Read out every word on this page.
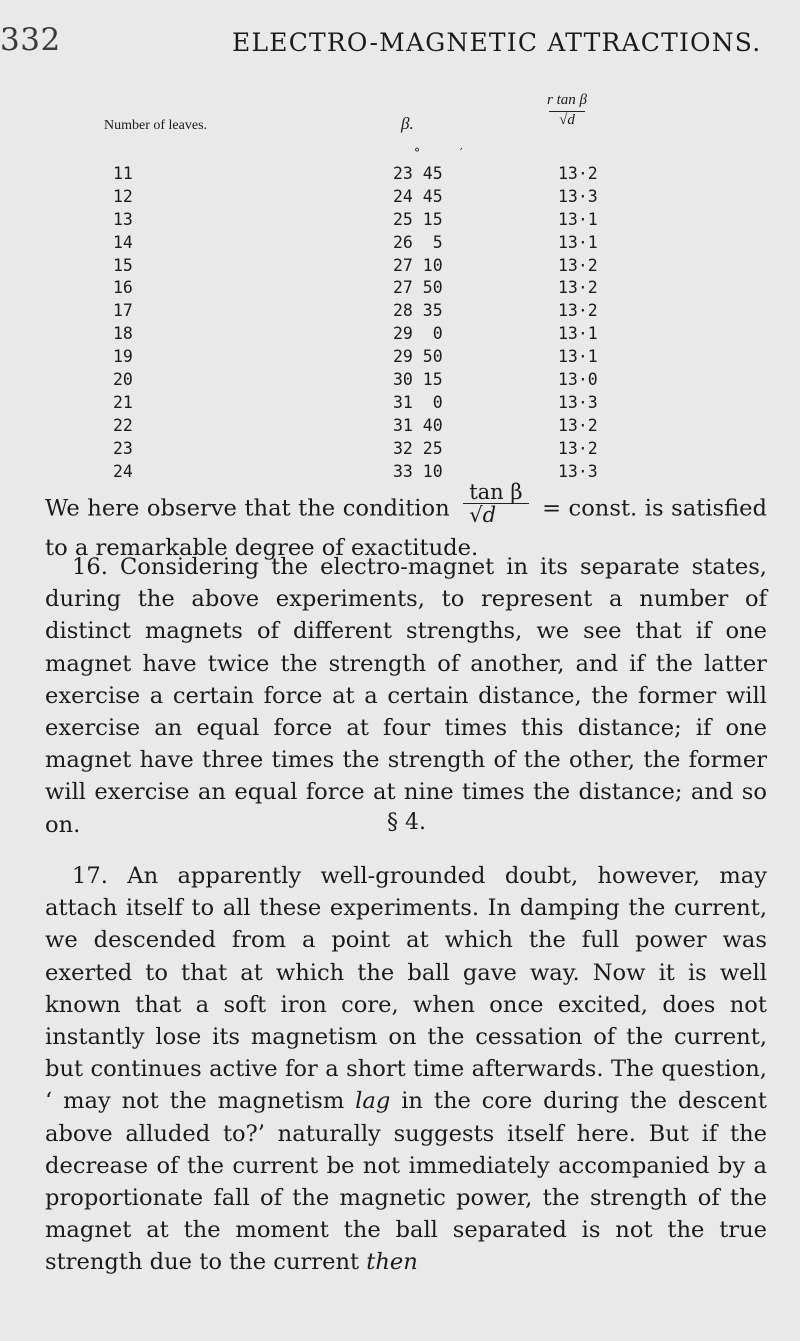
332	ELECTRO-MAGNETIC ATTRACTIONS.
Number of leaves.	β.	$\frac{\text{r tan β}}{√d}$
° ′
11	23 45	13·2
12	24 45	13·3
13	25 15	13·1
14	26  5	13·1
15	27 10	13·2
16	27 50	13·2
17	28 35	13·2
18	29  0	13·1
19	29 50	13·1
20	30 15	13·0
21	31  0	13·3
22	31 40	13·2
23	32 25	13·2
24	33 10	13·3
We here observe that the condition $\frac{\text{tan β}}{√d}$ = const. is satisfied
to a remarkable degree of exactitude.
16. Considering the electro-magnet in its separate states, during the above experiments, to represent a number of distinct magnets of different strengths, we see that if one magnet have twice the strength of another, and if the latter exercise a certain force at a certain distance, the former will exercise an equal force at four times this distance; if one magnet have three times the strength of the other, the former will exercise an equal force at nine times the distance; and so on.	§ 4.
17. An apparently well-grounded doubt, however, may attach itself to all these experiments. In damping the current, we descended from a point at which the full power was exerted to that at which the ball gave way. Now it is well known that a soft iron core, when once excited, does not instantly lose its magnetism on the cessation of the current, but continues active for a short time afterwards. The question, ‘ may not the magnetism lag in the core during the descent above alluded to?’ naturally suggests itself here. But if the decrease of the current be not immediately accompanied by a proportionate fall of the magnetic power, the strength of the magnet at the moment the ball separated is not the true strength due to the current then
